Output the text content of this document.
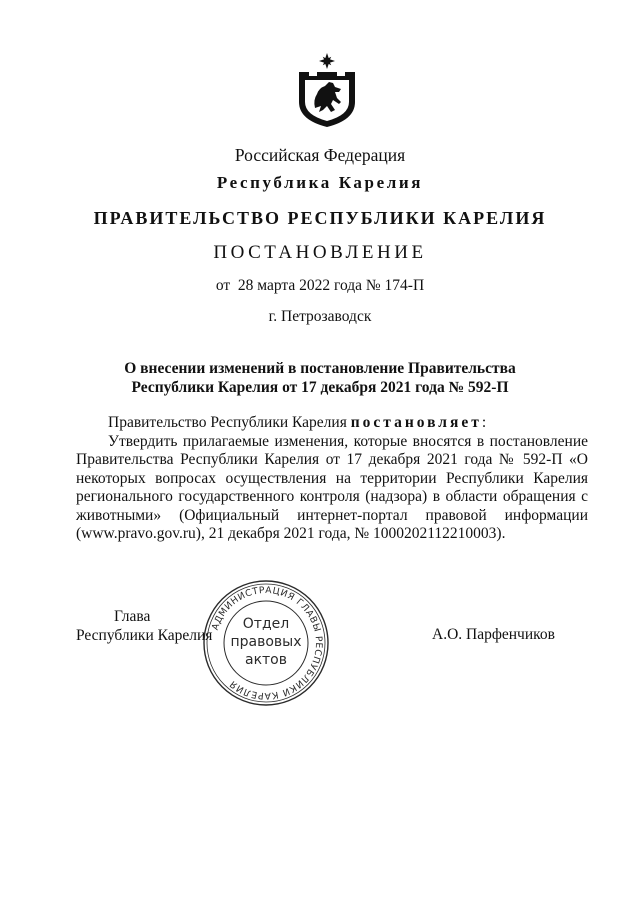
Российская Федерация
Республика Карелия
ПРАВИТЕЛЬСТВО РЕСПУБЛИКИ КАРЕЛИЯ
ПОСТАНОВЛЕНИЕ
от  28 марта 2022 года № 174-П
г. Петрозаводск
О внесении изменений в постановление Правительства
Республики Карелия от 17 декабря 2021 года № 592-П

Правительство Республики Карелия постановляет:

Утвердить прилагаемые изменения, которые вносятся в постановление Правительства Республики Карелия от 17 декабря 2021 года № 592-П «О некоторых вопросах осуществления на территории Республики Карелия регионального государственного контроля (надзора) в области обращения с животными» (Официальный интернет-портал правовой информации (www.pravo.gov.ru), 21 декабря 2021 года, № 1000202112210003).

Глава
Республики Карелия	А.О. Парфенчиков
АДМИНИСТРАЦИЯ ГЛАВЫ РЕСПУБЛИКИ КАРЕЛИЯ
Отдел
правовых
актов
